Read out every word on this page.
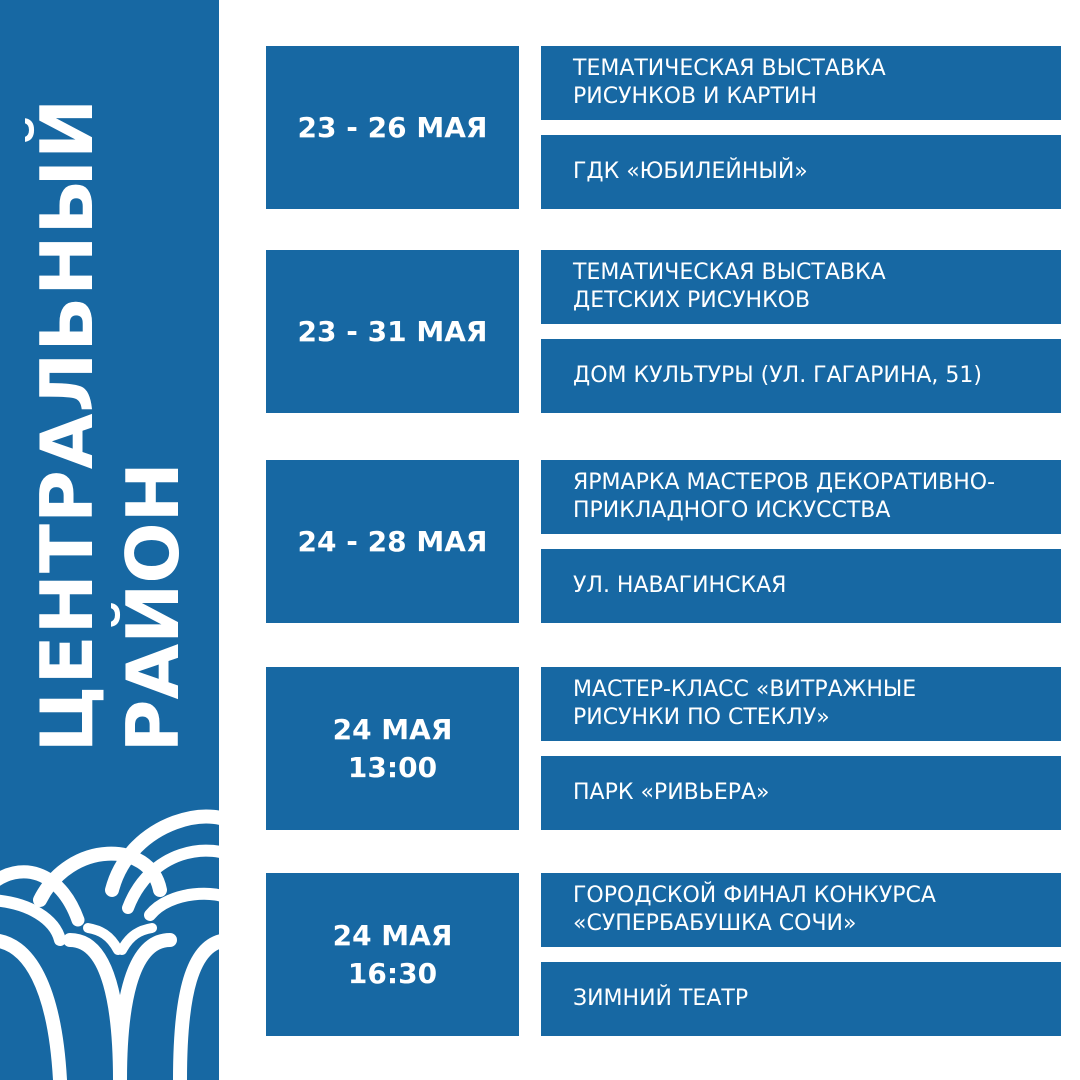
ЦЕНТРАЛЬНЫЙ РАЙОН
23 - 26 МАЯ
ТЕМАТИЧЕСКАЯ ВЫСТАВКА
РИСУНКОВ И КАРТИН
ГДК «ЮБИЛЕЙНЫЙ»
23 - 31 МАЯ
ТЕМАТИЧЕСКАЯ ВЫСТАВКА
ДЕТСКИХ РИСУНКОВ
ДОМ КУЛЬТУРЫ (УЛ. ГАГАРИНА, 51)
24 - 28 МАЯ
ЯРМАРКА МАСТЕРОВ ДЕКОРАТИВНО-
ПРИКЛАДНОГО ИСКУССТВА
УЛ. НАВАГИНСКАЯ
24 МАЯ
13:00
МАСТЕР-КЛАСС «ВИТРАЖНЫЕ
РИСУНКИ ПО СТЕКЛУ»
ПАРК «РИВЬЕРА»
24 МАЯ
16:30
ГОРОДСКОЙ ФИНАЛ КОНКУРСА
«СУПЕРБАБУШКА СОЧИ»
ЗИМНИЙ ТЕАТР
